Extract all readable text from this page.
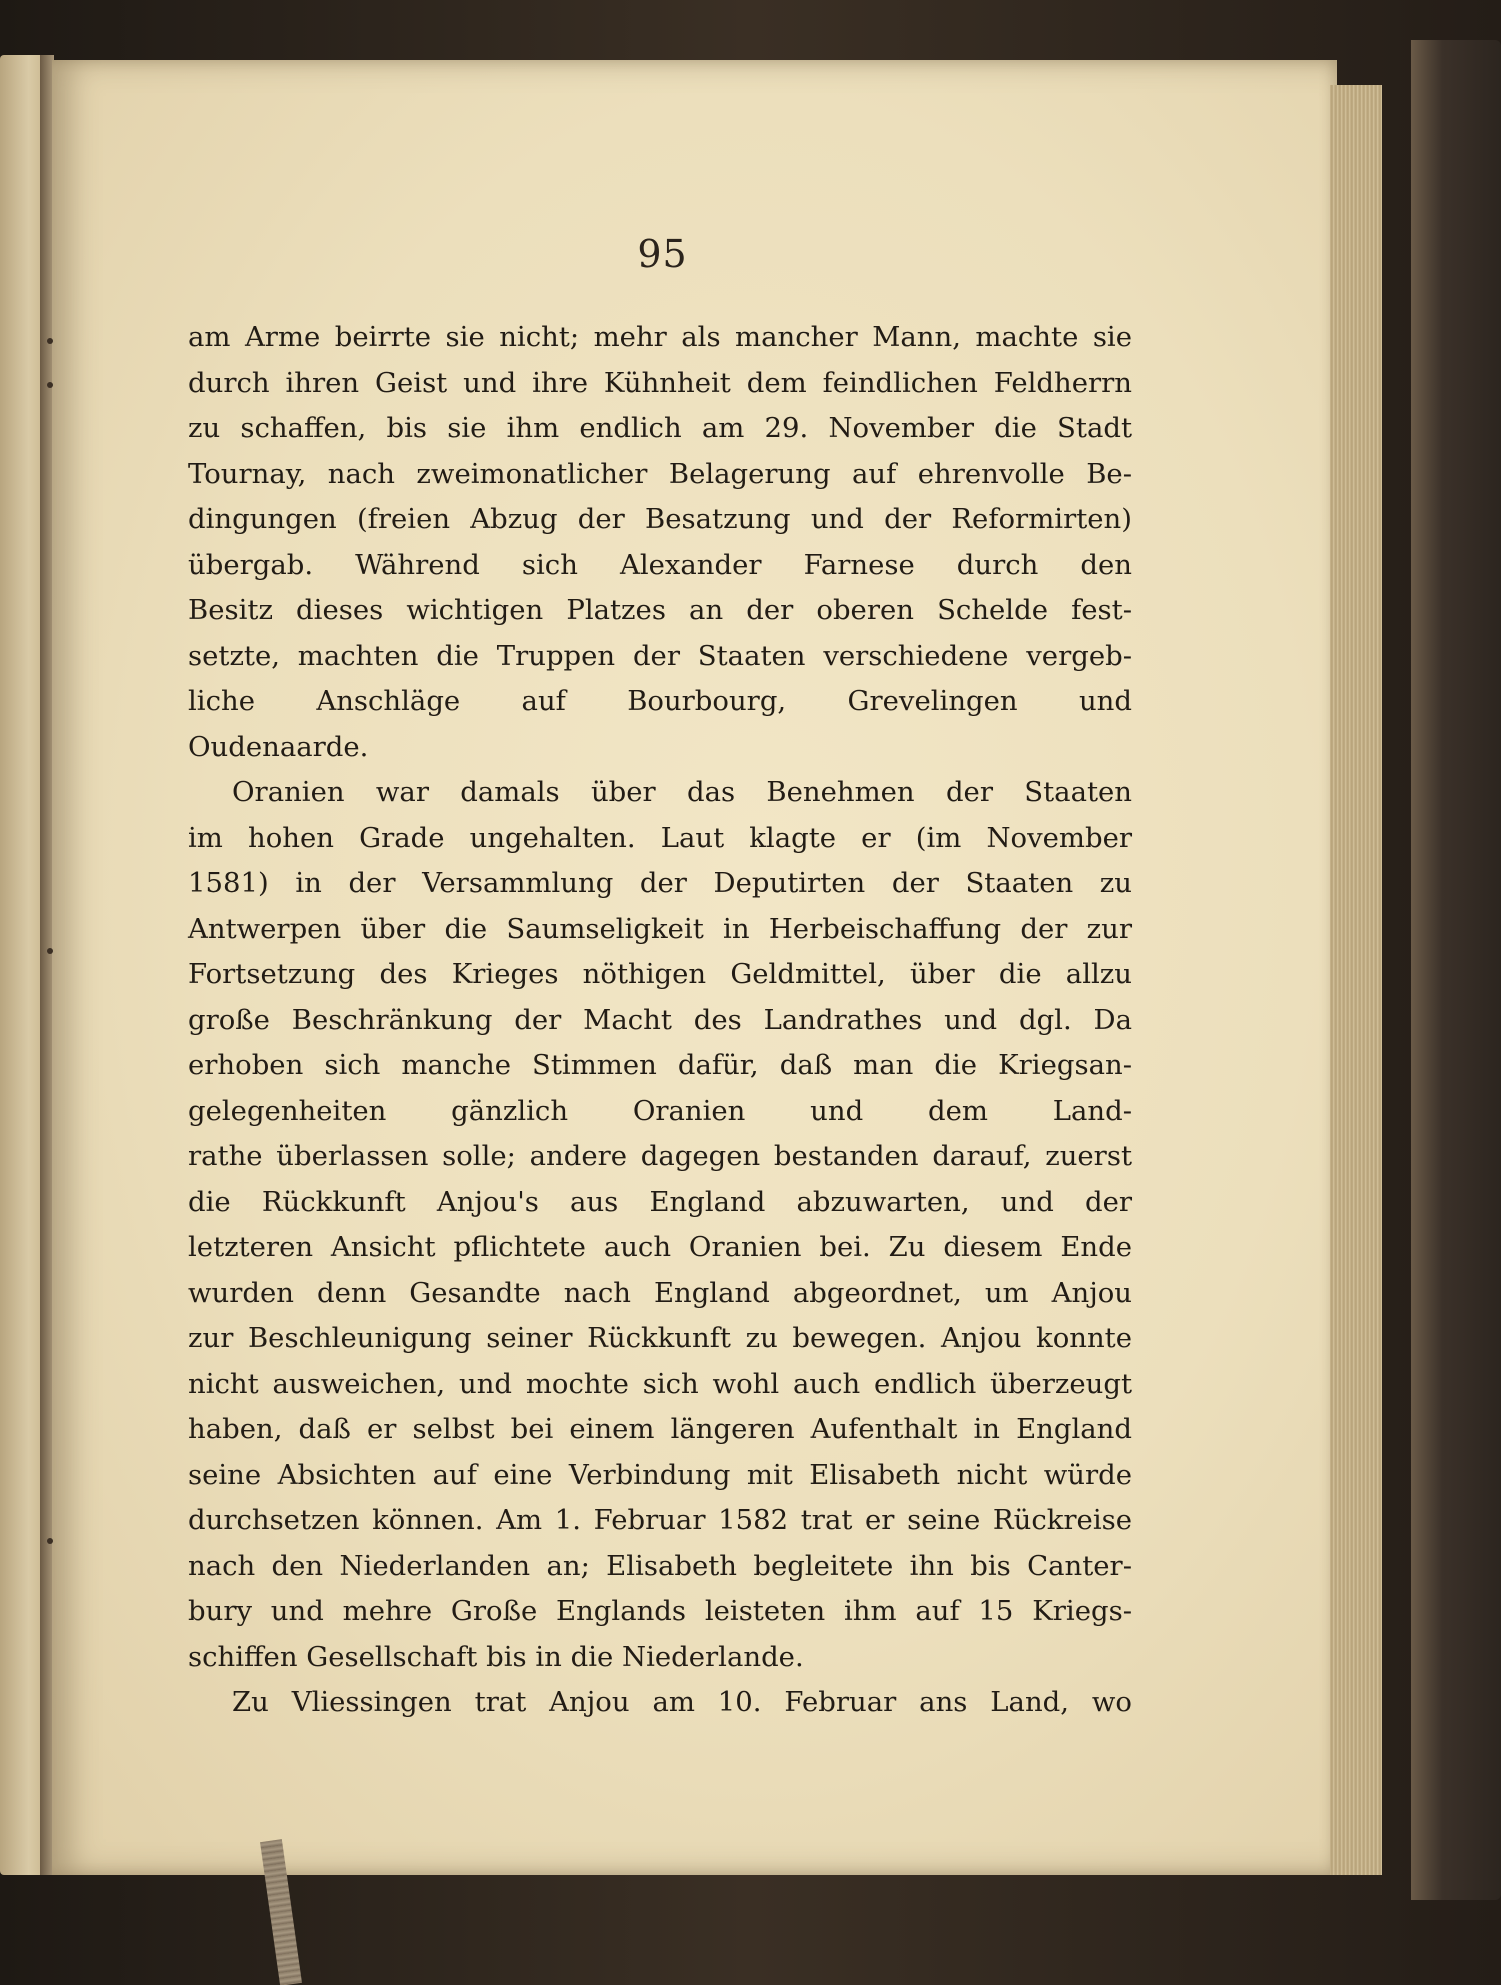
95
am Arme beirrte sie nicht; mehr als mancher Mann, machte sie
durch ihren Geist und ihre Kühnheit dem feindlichen Feldherrn
zu schaffen, bis sie ihm endlich am 29. November die Stadt
Tournay, nach zweimonatlicher Belagerung auf ehrenvolle Be-
dingungen (freien Abzug der Besatzung und der Reformirten)
übergab. Während sich Alexander Farnese durch den
Besitz dieses wichtigen Platzes an der oberen Schelde fest-
setzte, machten die Truppen der Staaten verschiedene vergeb-
liche Anschläge auf Bourbourg, Grevelingen und
Oudenaarde.
Oranien war damals über das Benehmen der Staaten
im hohen Grade ungehalten. Laut klagte er (im November
1581) in der Versammlung der Deputirten der Staaten zu
Antwerpen über die Saumseligkeit in Herbeischaffung der zur
Fortsetzung des Krieges nöthigen Geldmittel, über die allzu
große Beschränkung der Macht des Landrathes und dgl. Da
erhoben sich manche Stimmen dafür, daß man die Kriegsan-
gelegenheiten gänzlich Oranien und dem Land-
rathe überlassen solle; andere dagegen bestanden darauf, zuerst
die Rückkunft Anjou's aus England abzuwarten, und der
letzteren Ansicht pflichtete auch Oranien bei. Zu diesem Ende
wurden denn Gesandte nach England abgeordnet, um Anjou
zur Beschleunigung seiner Rückkunft zu bewegen. Anjou konnte
nicht ausweichen, und mochte sich wohl auch endlich überzeugt
haben, daß er selbst bei einem längeren Aufenthalt in England
seine Absichten auf eine Verbindung mit Elisabeth nicht würde
durchsetzen können. Am 1. Februar 1582 trat er seine Rückreise
nach den Niederlanden an; Elisabeth begleitete ihn bis Canter-
bury und mehre Große Englands leisteten ihm auf 15 Kriegs-
schiffen Gesellschaft bis in die Niederlande.
Zu Vliessingen trat Anjou am 10. Februar ans Land, wo
